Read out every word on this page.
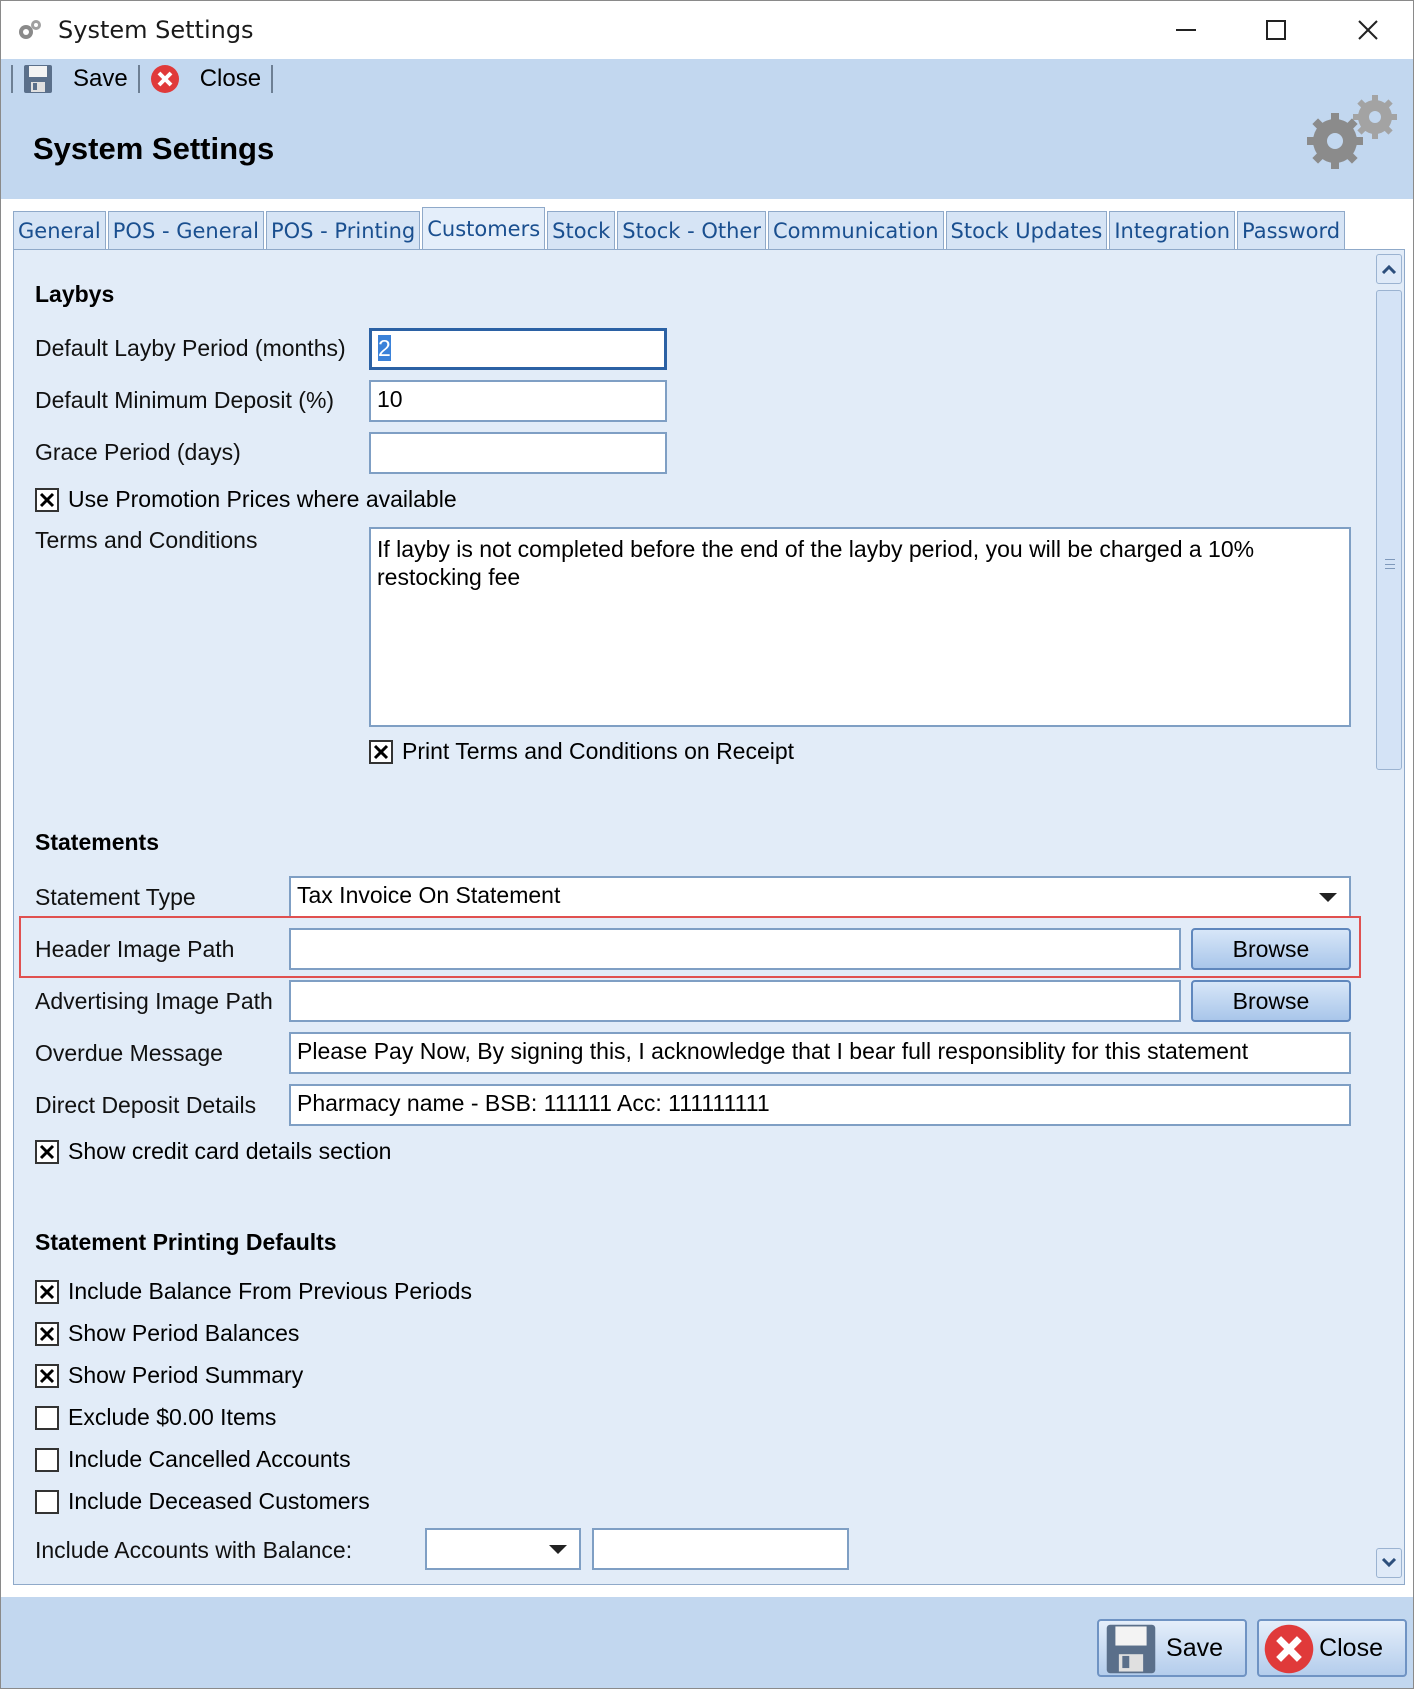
System Settings
Save	Close
System Settings
General POS - General POS - Printing Customers Stock Stock - Other Communication Stock Updates Integration Password
Laybys
Default Layby Period (months)	2
Default Minimum Deposit (%)	10
Grace Period (days)
Use Promotion Prices where available
Terms and Conditions	If layby is not completed before the end of the layby period, you will be charged a 10% restocking fee
Print Terms and Conditions on Receipt
Statements
Statement Type	Tax Invoice On Statement
Header Image Path	Browse
Advertising Image Path	Browse
Overdue Message	Please Pay Now, By signing this, I acknowledge that I bear full responsiblity for this statement
Direct Deposit Details	Pharmacy name - BSB: 111111 Acc: 111111111
Show credit card details section
Statement Printing Defaults
Include Balance From Previous Periods
Show Period Balances
Show Period Summary
Exclude $0.00 Items
Include Cancelled Accounts
Include Deceased Customers
Include Accounts with Balance:
Save	Close
